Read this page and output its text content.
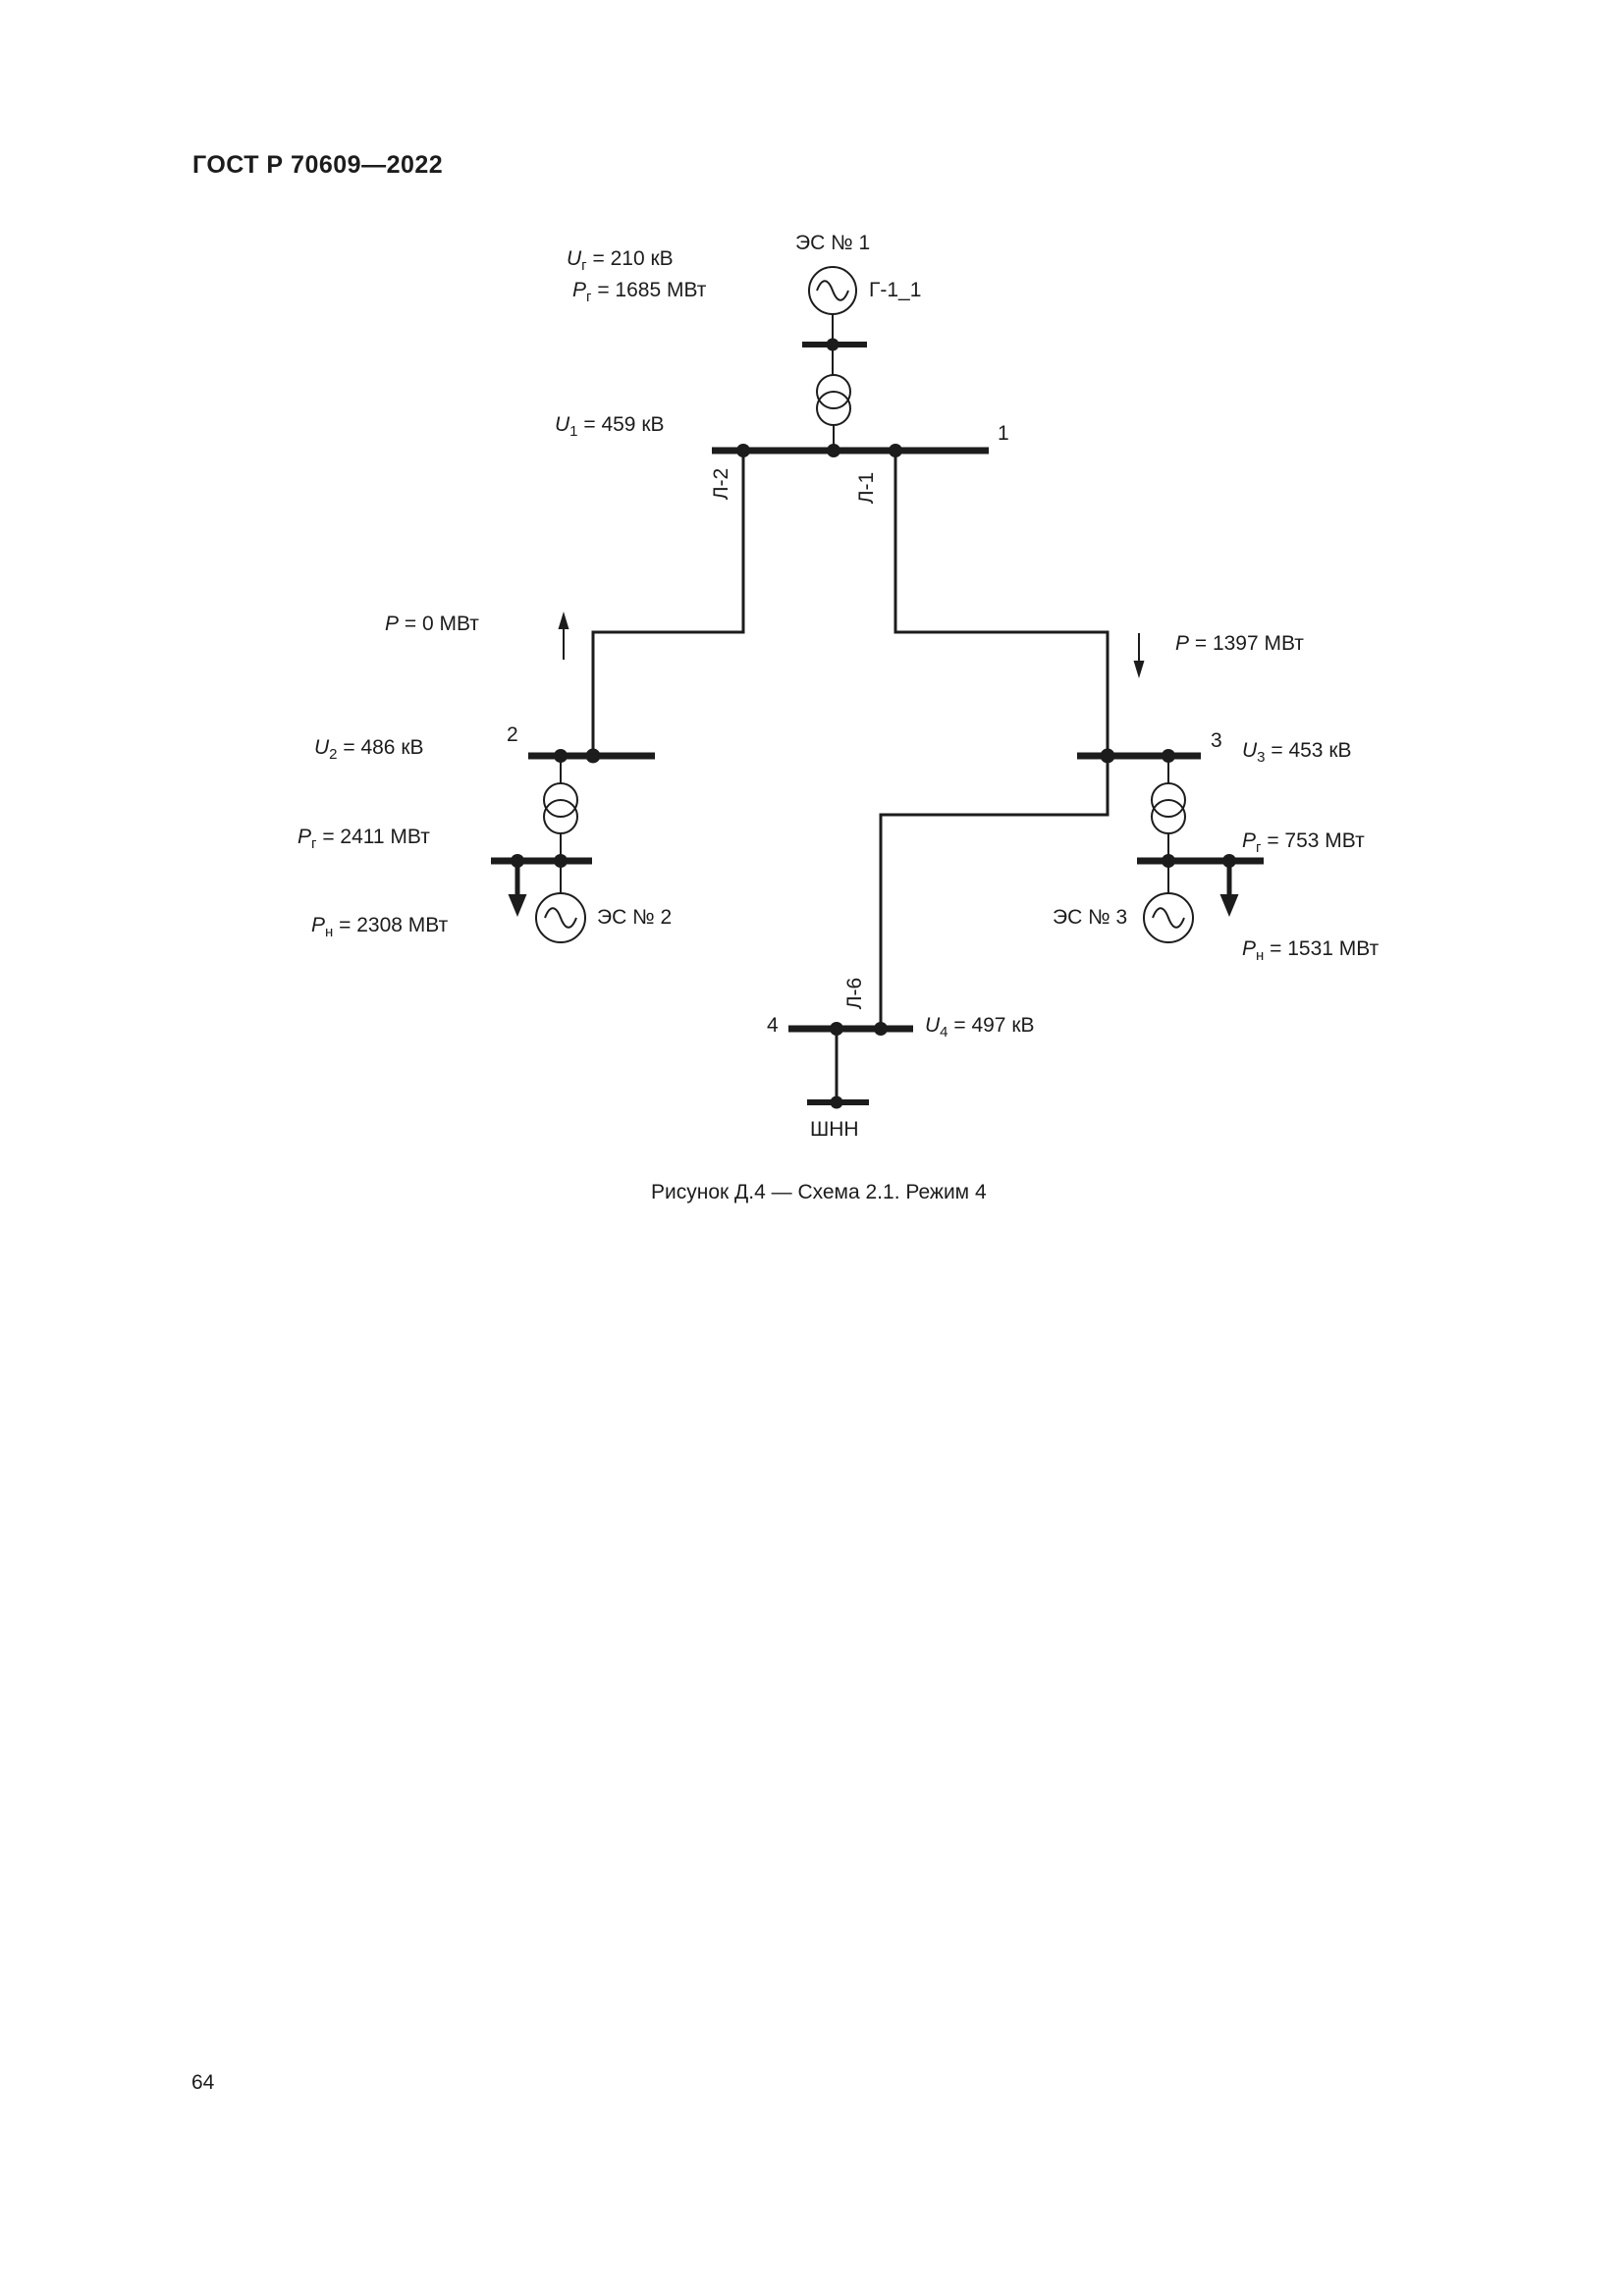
ГОСТ Р 70609—2022
ЭС № 1
Г-1_1
$U_г = 210$ кВ
$P_г = 1685$ МВт
$U_1 = 459$ кВ	1
Л-2	Л-1
Л-6
P = 0 МВт
P = 1397 МВт
2
$U_2 = 486$ кВ
$P_г = 2411$ МВт
$P_н = 2308$ МВт	ЭС № 2
3 $U_3 = 453$ кВ
$P_г = 753$ МВт
$P_н = 1531$ МВт
ЭС № 3
4	$U_4 = 497$ кВ
ШНН
Рисунок Д.4 — Схема 2.1. Режим 4
64
